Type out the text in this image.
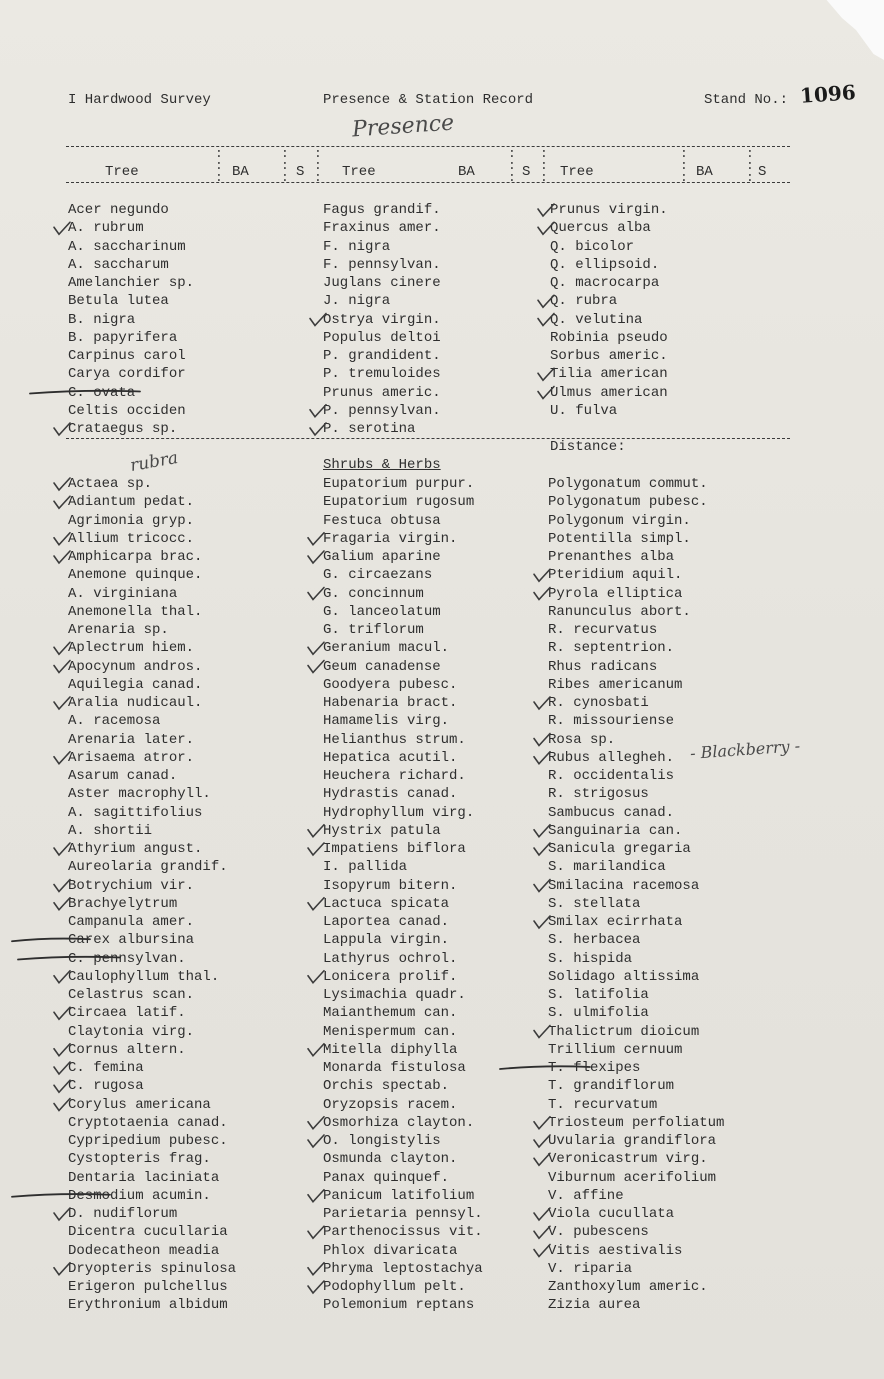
I Hardwood Survey	Presence & Station Record	Stand No.: 1096
Presence
:
:
:
:
:
:
:
:
:
:
:
:
:
:
:
:
:
:
:
:
:
Tree	BA	S	Tree	BA	S Tree	BA	S
Acer negundo
A. rubrum
A. saccharinum
A. saccharum
Amelanchier sp.
Betula lutea
B. nigra
B. papyrifera
Carpinus carol
Carya cordifor
C. ovata
Celtis occiden
Crataegus sp.
Fagus grandif.
Fraxinus amer.
F. nigra
F. pennsylvan.
Juglans cinere
J. nigra
Ostrya virgin.
Populus deltoi
P. grandident.
P. tremuloides
Prunus americ.
P. pennsylvan.
P. serotina
Prunus virgin.
Quercus alba
Q. bicolor
Q. ellipsoid.
Q. macrocarpa
Q. rubra
Q. velutina
Robinia pseudo
Sorbus americ.
Tilia american
Ulmus american
U. fulva
Distance:
Shrubs & Herbs
rubra
- Blackberry -
Actaea sp.
Adiantum pedat.
Agrimonia gryp.
Allium tricocc.
Amphicarpa brac.
Anemone quinque.
A. virginiana
Anemonella thal.
Arenaria sp.
Aplectrum hiem.
Apocynum andros.
Aquilegia canad.
Aralia nudicaul.
A. racemosa
Arenaria later.
Arisaema atror.
Asarum canad.
Aster macrophyll.
A. sagittifolius
A. shortii
Athyrium angust.
Aureolaria grandif.
Botrychium vir.
Brachyelytrum
Campanula amer.
Carex albursina
C. pennsylvan.
Caulophyllum thal.
Celastrus scan.
Circaea latif.
Claytonia virg.
Cornus altern.
C. femina
C. rugosa
Corylus americana
Cryptotaenia canad.
Cypripedium pubesc.
Cystopteris frag.
Dentaria laciniata
Desmodium acumin.
D. nudiflorum
Dicentra cucullaria
Dodecatheon meadia
Dryopteris spinulosa
Erigeron pulchellus
Erythronium albidum
Eupatorium purpur.
Eupatorium rugosum
Festuca obtusa
Fragaria virgin.
Galium aparine
G. circaezans
G. concinnum
G. lanceolatum
G. triflorum
Geranium macul.
Geum canadense
Goodyera pubesc.
Habenaria bract.
Hamamelis virg.
Helianthus strum.
Hepatica acutil.
Heuchera richard.
Hydrastis canad.
Hydrophyllum virg.
Hystrix patula
Impatiens biflora
I. pallida
Isopyrum bitern.
Lactuca spicata
Laportea canad.
Lappula virgin.
Lathyrus ochrol.
Lonicera prolif.
Lysimachia quadr.
Maianthemum can.
Menispermum can.
Mitella diphylla
Monarda fistulosa
Orchis spectab.
Oryzopsis racem.
Osmorhiza clayton.
O. longistylis
Osmunda clayton.
Panax quinquef.
Panicum latifolium
Parietaria pennsyl.
Parthenocissus vit.
Phlox divaricata
Phryma leptostachya
Podophyllum pelt.
Polemonium reptans
Polygonatum commut.
Polygonatum pubesc.
Polygonum virgin.
Potentilla simpl.
Prenanthes alba
Pteridium aquil.
Pyrola elliptica
Ranunculus abort.
R. recurvatus
R. septentrion.
Rhus radicans
Ribes americanum
R. cynosbati
R. missouriense
Rosa sp.
Rubus allegheh.
R. occidentalis
R. strigosus
Sambucus canad.
Sanguinaria can.
Sanicula gregaria
S. marilandica
Smilacina racemosa
S. stellata
Smilax ecirrhata
S. herbacea
S. hispida
Solidago altissima
S. latifolia
S. ulmifolia
Thalictrum dioicum
Trillium cernuum
T. flexipes
T. grandiflorum
T. recurvatum
Triosteum perfoliatum
Uvularia grandiflora
Veronicastrum virg.
Viburnum acerifolium
V. affine
Viola cucullata
V. pubescens
Vitis aestivalis
V. riparia
Zanthoxylum americ.
Zizia aurea
